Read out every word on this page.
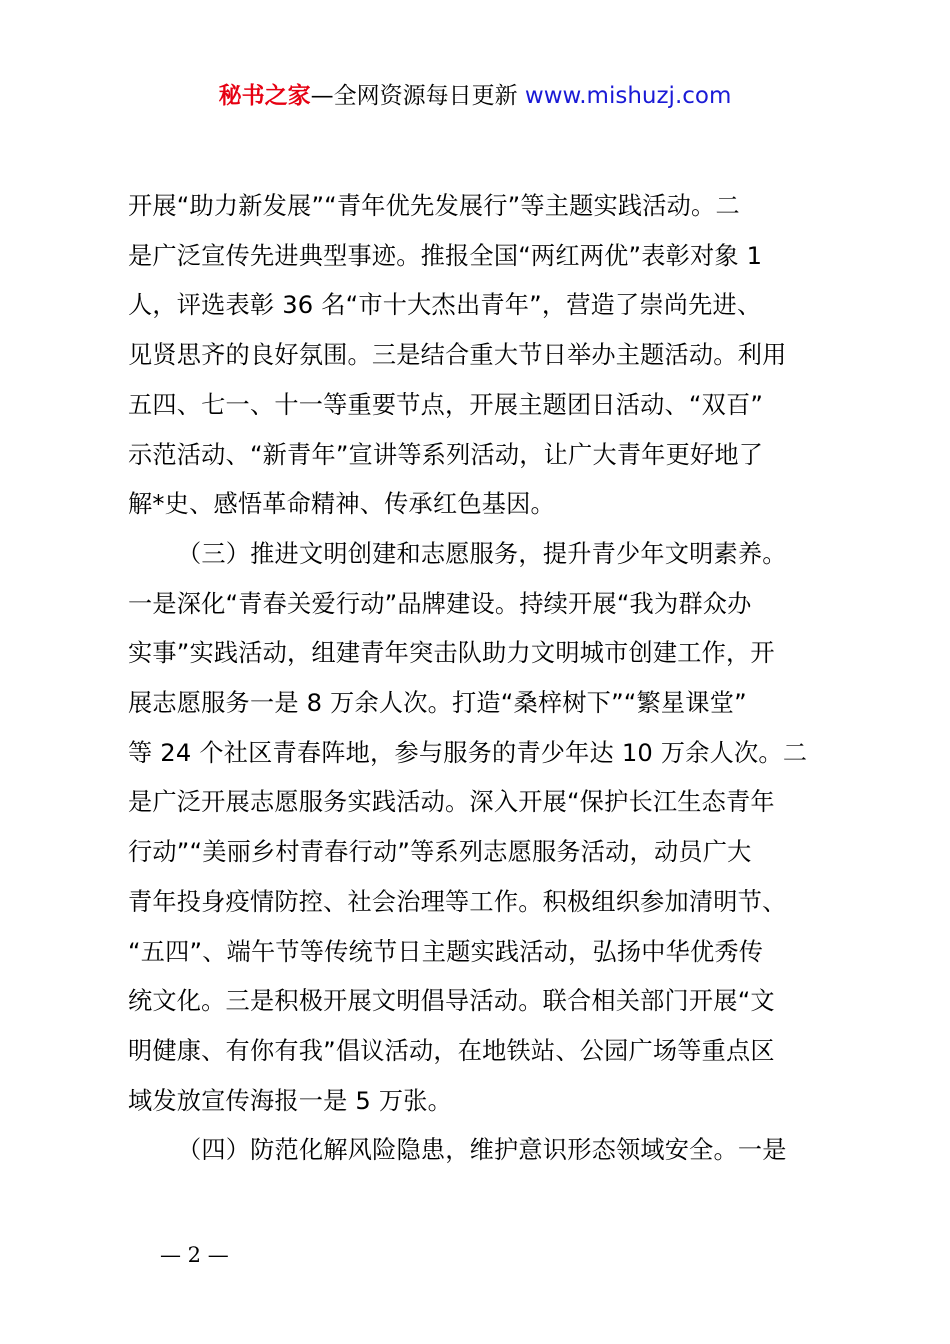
秘书之家—全网资源每日更新 www.mishuzj.com
开展“助力新发展”“青年优先发展行”等主题实践活动。二
是广泛宣传先进典型事迹。推报全国“两红两优”表彰对象 1
人，评选表彰 36 名“市十大杰出青年”，营造了崇尚先进、
见贤思齐的良好氛围。三是结合重大节日举办主题活动。利用
五四、七一、十一等重要节点，开展主题团日活动、“双百”
示范活动、“新青年”宣讲等系列活动，让广大青年更好地了
解*史、感悟革命精神、传承红色基因。
（三）推进文明创建和志愿服务，提升青少年文明素养。
一是深化“青春关爱行动”品牌建设。持续开展“我为群众办
实事”实践活动，组建青年突击队助力文明城市创建工作，开
展志愿服务一是 8 万余人次。打造“桑梓树下”“繁星课堂”
等 24 个社区青春阵地，参与服务的青少年达 10 万余人次。二
是广泛开展志愿服务实践活动。深入开展“保护长江生态青年
行动”“美丽乡村青春行动”等系列志愿服务活动，动员广大
青年投身疫情防控、社会治理等工作。积极组织参加清明节、
“五四”、端午节等传统节日主题实践活动，弘扬中华优秀传
统文化。三是积极开展文明倡导活动。联合相关部门开展“文
明健康、有你有我”倡议活动，在地铁站、公园广场等重点区
域发放宣传海报一是 5 万张。
（四）防范化解风险隐患，维护意识形态领域安全。一是
— 2 —
